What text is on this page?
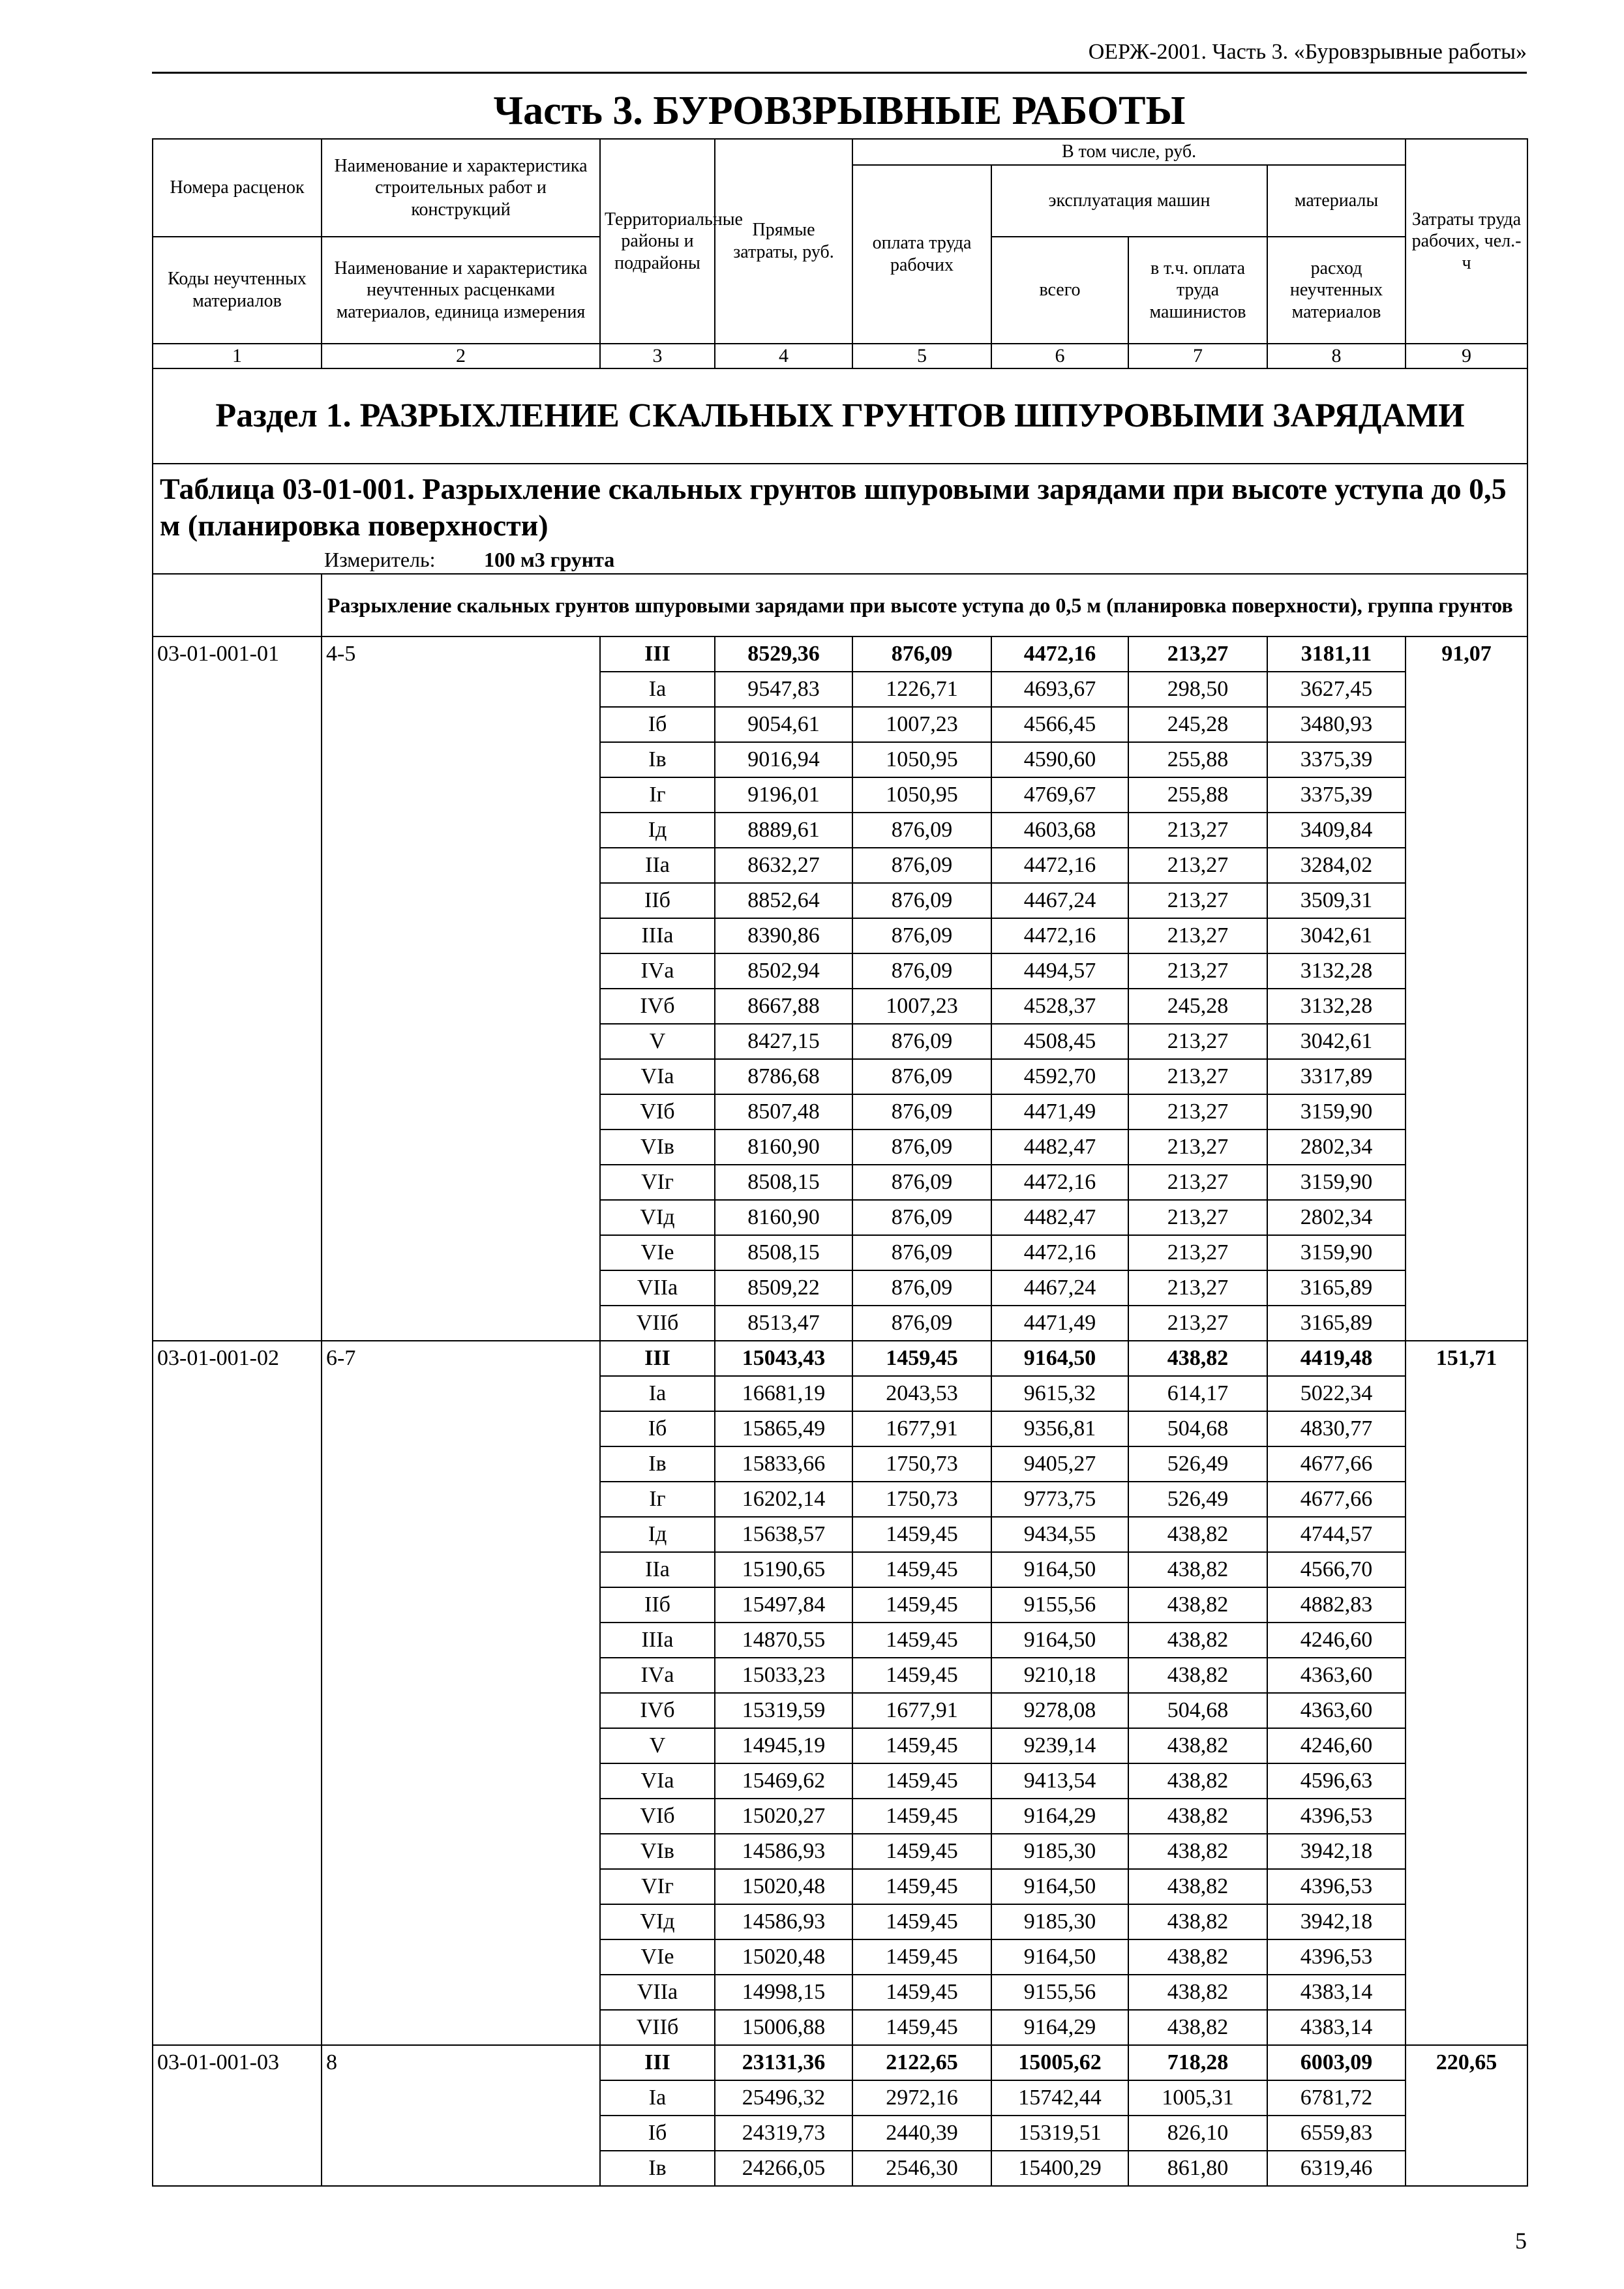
ОЕРЖ-2001. Часть 3. «Буровзрывные работы»
Часть 3. БУРОВЗРЫВНЫЕ РАБОТЫ
Номера расценок	Наименование и характеристика строительных работ и конструкций	Территориальные районы и подрайоны	Прямые затраты, руб.	В том числе, руб.				Затраты труда рабочих, чел.-ч
				оплата труда рабочих	эксплуатация машин		материалы	
Коды неучтенных материалов	Наименование и характеристика неучтенных расценками материалов, единица измерения				всего	в т.ч. оплата труда машинистов	расход неучтенных материалов	
1	2	3	4	5	6	7	8	9
Раздел 1. РАЗРЫХЛЕНИЕ СКАЛЬНЫХ ГРУНТОВ ШПУРОВЫМИ ЗАРЯДАМИ								
Таблица 03-01-001. Разрыхление скальных грунтов шпуровыми зарядами при высоте уступа до 0,5 м (планировка поверхности)								
Измеритель: 100 м3 грунта								
	Разрыхление скальных грунтов шпуровыми зарядами при высоте уступа до 0,5 м (планировка поверхности), группа грунтов							
03-01-001-01	4-5	III	8529,36	876,09	4472,16	213,27	3181,11	91,07
		Iа	9547,83	1226,71	4693,67	298,50	3627,45	
		Iб	9054,61	1007,23	4566,45	245,28	3480,93	
		Iв	9016,94	1050,95	4590,60	255,88	3375,39	
		Iг	9196,01	1050,95	4769,67	255,88	3375,39	
		Iд	8889,61	876,09	4603,68	213,27	3409,84	
		IIа	8632,27	876,09	4472,16	213,27	3284,02	
		IIб	8852,64	876,09	4467,24	213,27	3509,31	
		IIIа	8390,86	876,09	4472,16	213,27	3042,61	
		IVа	8502,94	876,09	4494,57	213,27	3132,28	
		IVб	8667,88	1007,23	4528,37	245,28	3132,28	
		V	8427,15	876,09	4508,45	213,27	3042,61	
		VIа	8786,68	876,09	4592,70	213,27	3317,89	
		VIб	8507,48	876,09	4471,49	213,27	3159,90	
		VIв	8160,90	876,09	4482,47	213,27	2802,34	
		VIг	8508,15	876,09	4472,16	213,27	3159,90	
		VIд	8160,90	876,09	4482,47	213,27	2802,34	
		VIе	8508,15	876,09	4472,16	213,27	3159,90	
		VIIа	8509,22	876,09	4467,24	213,27	3165,89	
		VIIб	8513,47	876,09	4471,49	213,27	3165,89	
03-01-001-02	6-7	III	15043,43	1459,45	9164,50	438,82	4419,48	151,71
		Iа	16681,19	2043,53	9615,32	614,17	5022,34	
		Iб	15865,49	1677,91	9356,81	504,68	4830,77	
		Iв	15833,66	1750,73	9405,27	526,49	4677,66	
		Iг	16202,14	1750,73	9773,75	526,49	4677,66	
		Iд	15638,57	1459,45	9434,55	438,82	4744,57	
		IIа	15190,65	1459,45	9164,50	438,82	4566,70	
		IIб	15497,84	1459,45	9155,56	438,82	4882,83	
		IIIа	14870,55	1459,45	9164,50	438,82	4246,60	
		IVа	15033,23	1459,45	9210,18	438,82	4363,60	
		IVб	15319,59	1677,91	9278,08	504,68	4363,60	
		V	14945,19	1459,45	9239,14	438,82	4246,60	
		VIа	15469,62	1459,45	9413,54	438,82	4596,63	
		VIб	15020,27	1459,45	9164,29	438,82	4396,53	
		VIв	14586,93	1459,45	9185,30	438,82	3942,18	
		VIг	15020,48	1459,45	9164,50	438,82	4396,53	
		VIд	14586,93	1459,45	9185,30	438,82	3942,18	
		VIе	15020,48	1459,45	9164,50	438,82	4396,53	
		VIIа	14998,15	1459,45	9155,56	438,82	4383,14	
		VIIб	15006,88	1459,45	9164,29	438,82	4383,14	
03-01-001-03	8	III	23131,36	2122,65	15005,62	718,28	6003,09	220,65
		Iа	25496,32	2972,16	15742,44	1005,31	6781,72	
		Iб	24319,73	2440,39	15319,51	826,10	6559,83	
		Iв	24266,05	2546,30	15400,29	861,80	6319,46	
5
